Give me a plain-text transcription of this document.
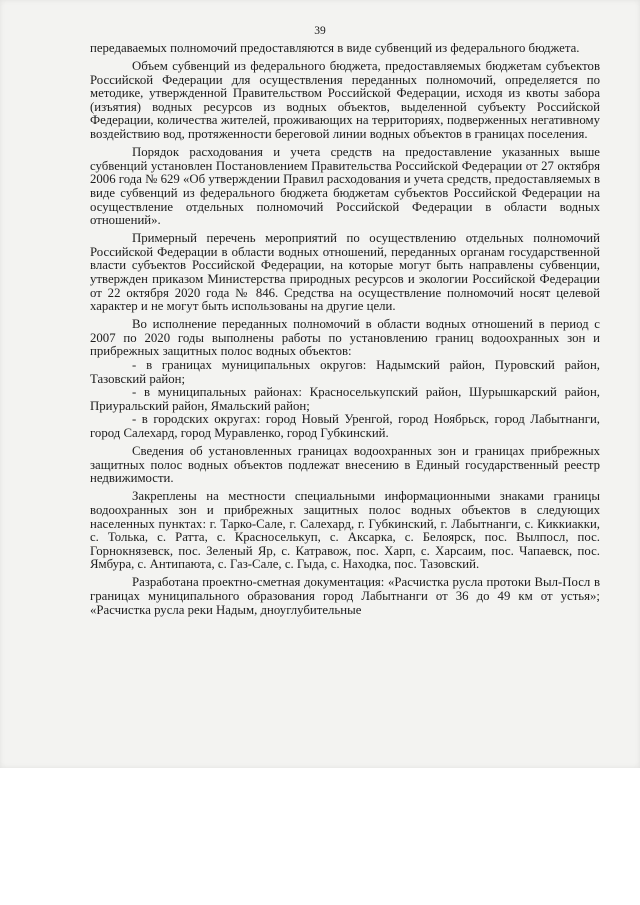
39

передаваемых полномочий предоставляются в виде субвенций из федерального бюджета.

Объем субвенций из федерального бюджета, предоставляемых бюджетам субъектов Российской Федерации для осуществления переданных полномочий, определяется по методике, утвержденной Правительством Российской Федерации, исходя из квоты забора (изъятия) водных ресурсов из водных объектов, выделенной субъекту Российской Федерации, количества жителей, проживающих на территориях, подверженных негативному воздействию вод, протяженности береговой линии водных объектов в границах поселения.

Порядок расходования и учета средств на предоставление указанных выше субвенций установлен Постановлением Правительства Российской Федерации от 27 октября 2006 года № 629 «Об утверждении Правил расходования и учета средств, предоставляемых в виде субвенций из федерального бюджета бюджетам субъектов Российской Федерации на осуществление отдельных полномочий Российской Федерации в области водных отношений».

Примерный перечень мероприятий по осуществлению отдельных полномочий Российской Федерации в области водных отношений, переданных органам государственной власти субъектов Российской Федерации, на которые могут быть направлены субвенции, утвержден приказом Министерства природных ресурсов и экологии Российской Федерации от 22 октября 2020 года № 846. Средства на осуществление полномочий носят целевой характер и не могут быть использованы на другие цели.

Во исполнение переданных полномочий в области водных отношений в период с 2007 по 2020 годы выполнены работы по установлению границ водоохранных зон и прибрежных защитных полос водных объектов:

- в границах муниципальных округов: Надымский район, Пуровский район, Тазовский район;

- в муниципальных районах: Красноселькупский район, Шурышкарский район, Приуральский район, Ямальский район;

- в городских округах: город Новый Уренгой, город Ноябрьск, город Лабытнанги, город Салехард, город Муравленко, город Губкинский.

Сведения об установленных границах водоохранных зон и границах прибрежных защитных полос водных объектов подлежат внесению в Единый государственный реестр недвижимости.

Закреплены на местности специальными информационными знаками границы водоохранных зон и прибрежных защитных полос водных объектов в следующих населенных пунктах: г. Тарко-Сале, г. Салехард, г. Губкинский, г. Лабытнанги, с. Киккиакки, с. Толька, с. Ратта, с. Красноселькуп, с. Аксарка, с. Белоярск, пос. Вылпосл, пос. Горнокнязевск, пос. Зеленый Яр, с. Катравож, пос. Харп, с. Харсаим, пос. Чапаевск, пос. Ямбура, с. Антипаюта, с. Газ-Сале, с. Гыда, с. Находка, пос. Тазовский.

Разработана проектно-сметная документация: «Расчистка русла протоки Выл-Посл в границах муниципального образования город Лабытнанги от 36 до 49 км от устья»; «Расчистка русла реки Надым, дноуглубительные
